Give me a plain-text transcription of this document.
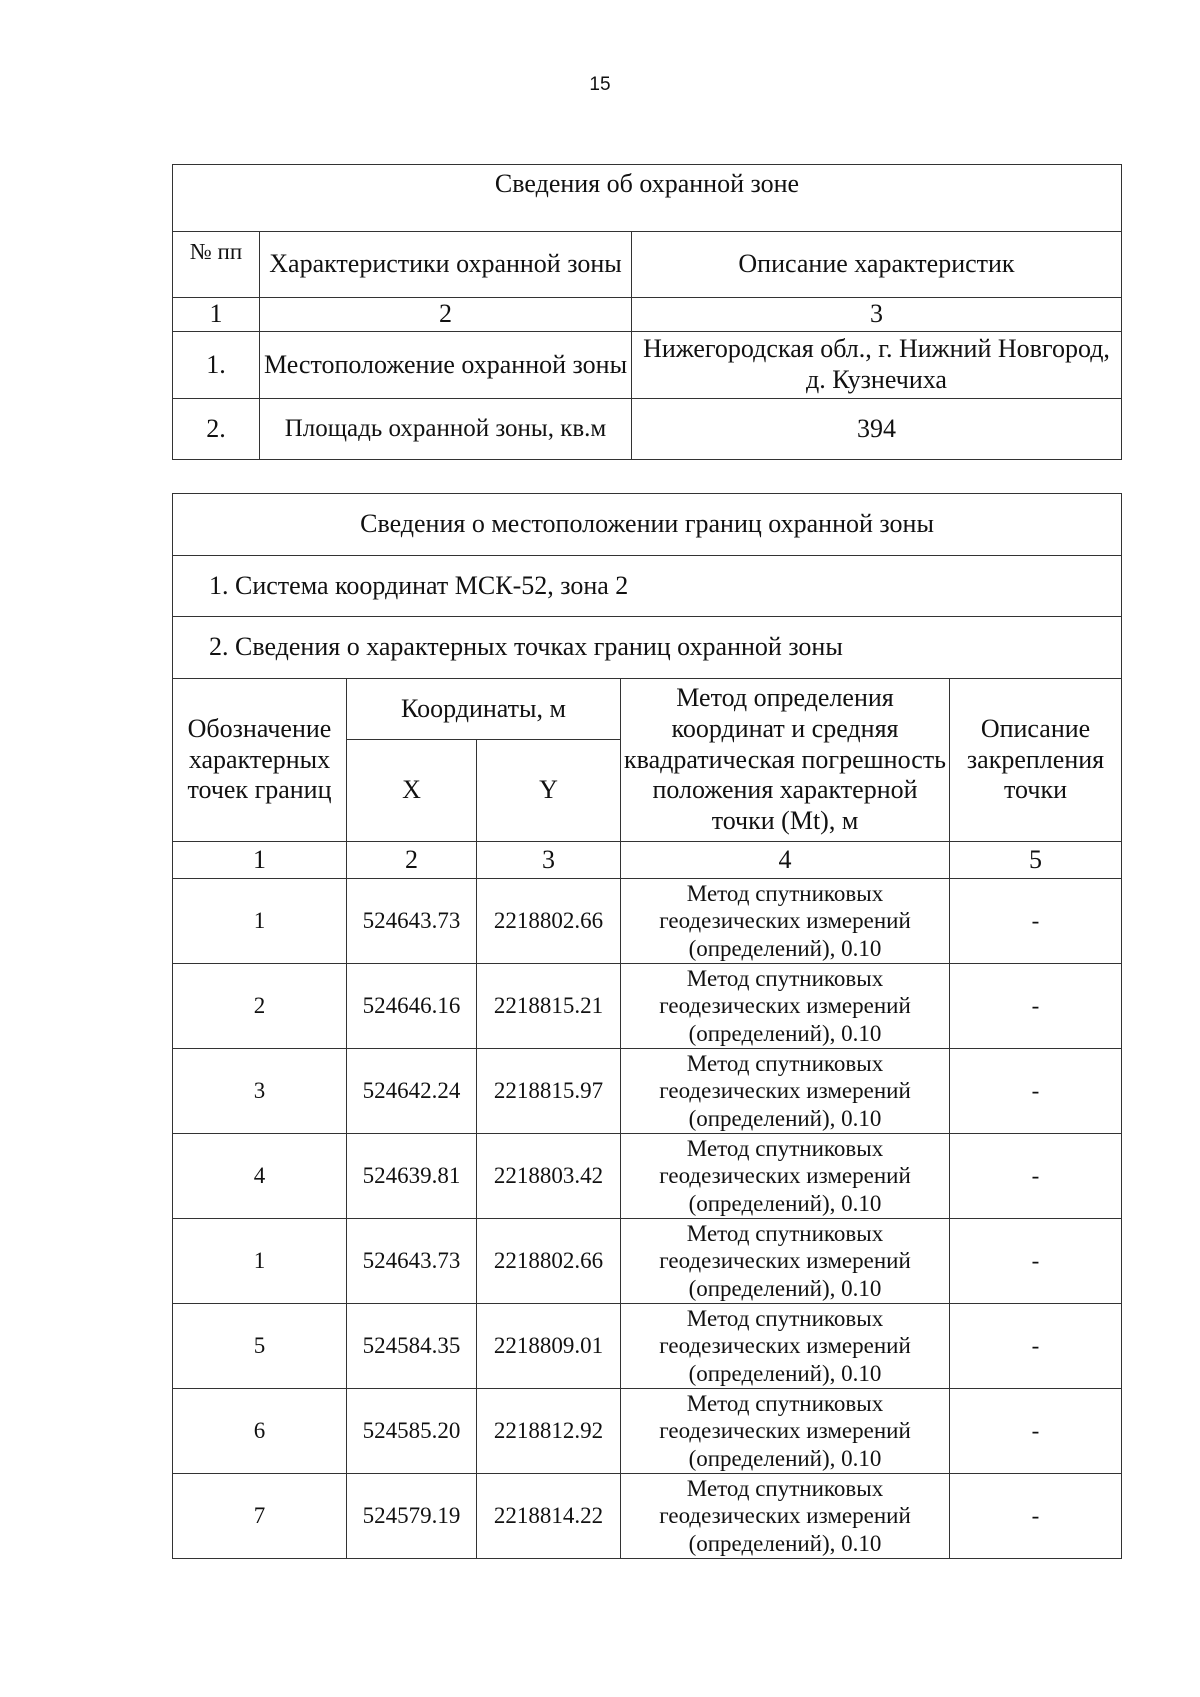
15
Сведения об охранной зоне		
№ пп	Характеристики охранной зоны	Описание характеристик
1	2	3
1.	Местоположение охранной зоны	Нижегородская обл., г. Нижний Новгород, д. Кузнечиха
2.	Площадь охранной зоны, кв.м	394
Сведения о местоположении границ охранной зоны				
1. Система координат МСК-52, зона 2				
2. Сведения о характерных точках границ охранной зоны				
Обозначение характерных точек границ	Координаты, м		Метод определения координат и средняя квадратическая погрешность положения характерной точки (Mt), м	Описание закрепления точки
	X	Y		
1	2	3	4	5
1	524643.73	2218802.66	Метод спутниковых геодезических измерений (определений), 0.10	-
2	524646.16	2218815.21	Метод спутниковых геодезических измерений (определений), 0.10	-
3	524642.24	2218815.97	Метод спутниковых геодезических измерений (определений), 0.10	-
4	524639.81	2218803.42	Метод спутниковых геодезических измерений (определений), 0.10	-
1	524643.73	2218802.66	Метод спутниковых геодезических измерений (определений), 0.10	-
5	524584.35	2218809.01	Метод спутниковых геодезических измерений (определений), 0.10	-
6	524585.20	2218812.92	Метод спутниковых геодезических измерений (определений), 0.10	-
7	524579.19	2218814.22	Метод спутниковых геодезических измерений (определений), 0.10	-
